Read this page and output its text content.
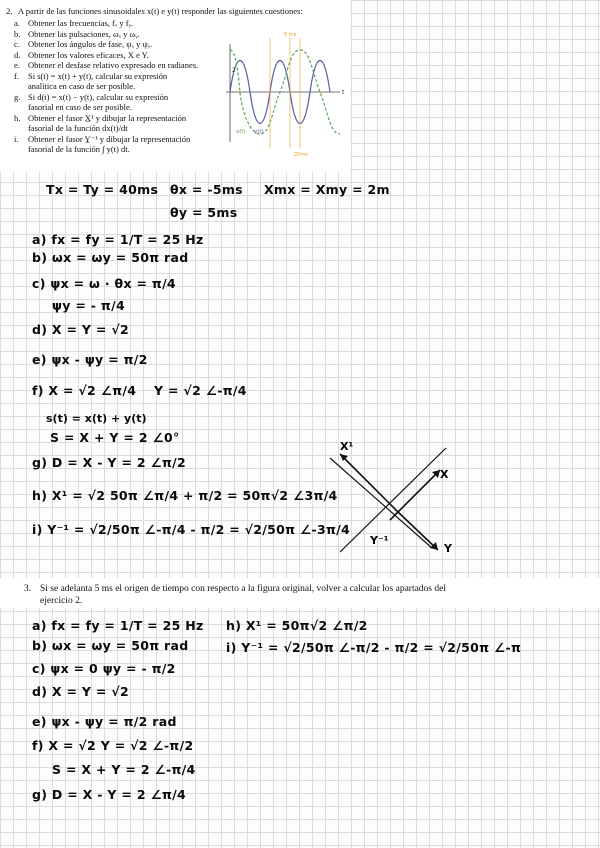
2. A partir de las funciones sinusoidales x(t) e y(t) responder las siguientes cuestiones:
a. Obtener las frecuencias, fₓ y fᵧ.
b. Obtener las pulsaciones, ωₓ y ωᵧ.
c. Obtener los ángulos de fase, ψₓ y ψᵧ.
d. Obtener los valores eficaces, X e Y.
e. Obtener el desfase relativo expresado en radianes.
f. Si s(t) = x(t) + y(t), calcular su expresión
analítica en caso de ser posible.
g. Si d(t) = x(t) − y(t), calcular su expresión
fasorial en caso de ser posible.
h. Obtener el fasor X̲¹ y dibujar la representación
fasorial de la función dx(t)/dt
i. Obtener el fasor Y̲⁻¹ y dibujar la representación
fasorial de la función ∫ y(t) dt.
5 ms
20ms
t
2
x(t) y(t)
Tx = Ty = 40ms θx = -5ms
θy = 5ms
Xmx = Xmy = 2m
a) fx = fy = 1/T = 25 Hz
b) ωx = ωy = 50π rad
c) ψx = ω · θx = π/4
ψy = - π/4
d) X = Y = √2
e) ψx - ψy = π/2
f) X = √2 ∠π/4 Y = √2 ∠-π/4
s(t) = x(t) + y(t)
S = X + Y = 2 ∠0°
g) D = X - Y = 2 ∠π/2
h) X¹ = √2 50π ∠π/4 + π/2 = 50π√2 ∠3π/4
i) Y⁻¹ = √2/50π ∠-π/4 - π/2 = √2/50π ∠-3π/4
X¹
X
Y
Y⁻¹
3. Si se adelanta 5 ms el origen de tiempo con respecto a la figura original, volver a calcular los apartados del
ejercicio 2.
a) fx = fy = 1/T = 25 Hz
b) ωx = ωy = 50π rad
c) ψx = 0 ψy = - π/2
d) X = Y = √2
e) ψx - ψy = π/2 rad
f) X = √2 Y = √2 ∠-π/2
S = X + Y = 2 ∠-π/4
g) D = X - Y = 2 ∠π/4
h) X¹ = 50π√2 ∠π/2
i) Y⁻¹ = √2/50π ∠-π/2 - π/2 = √2/50π ∠-π
